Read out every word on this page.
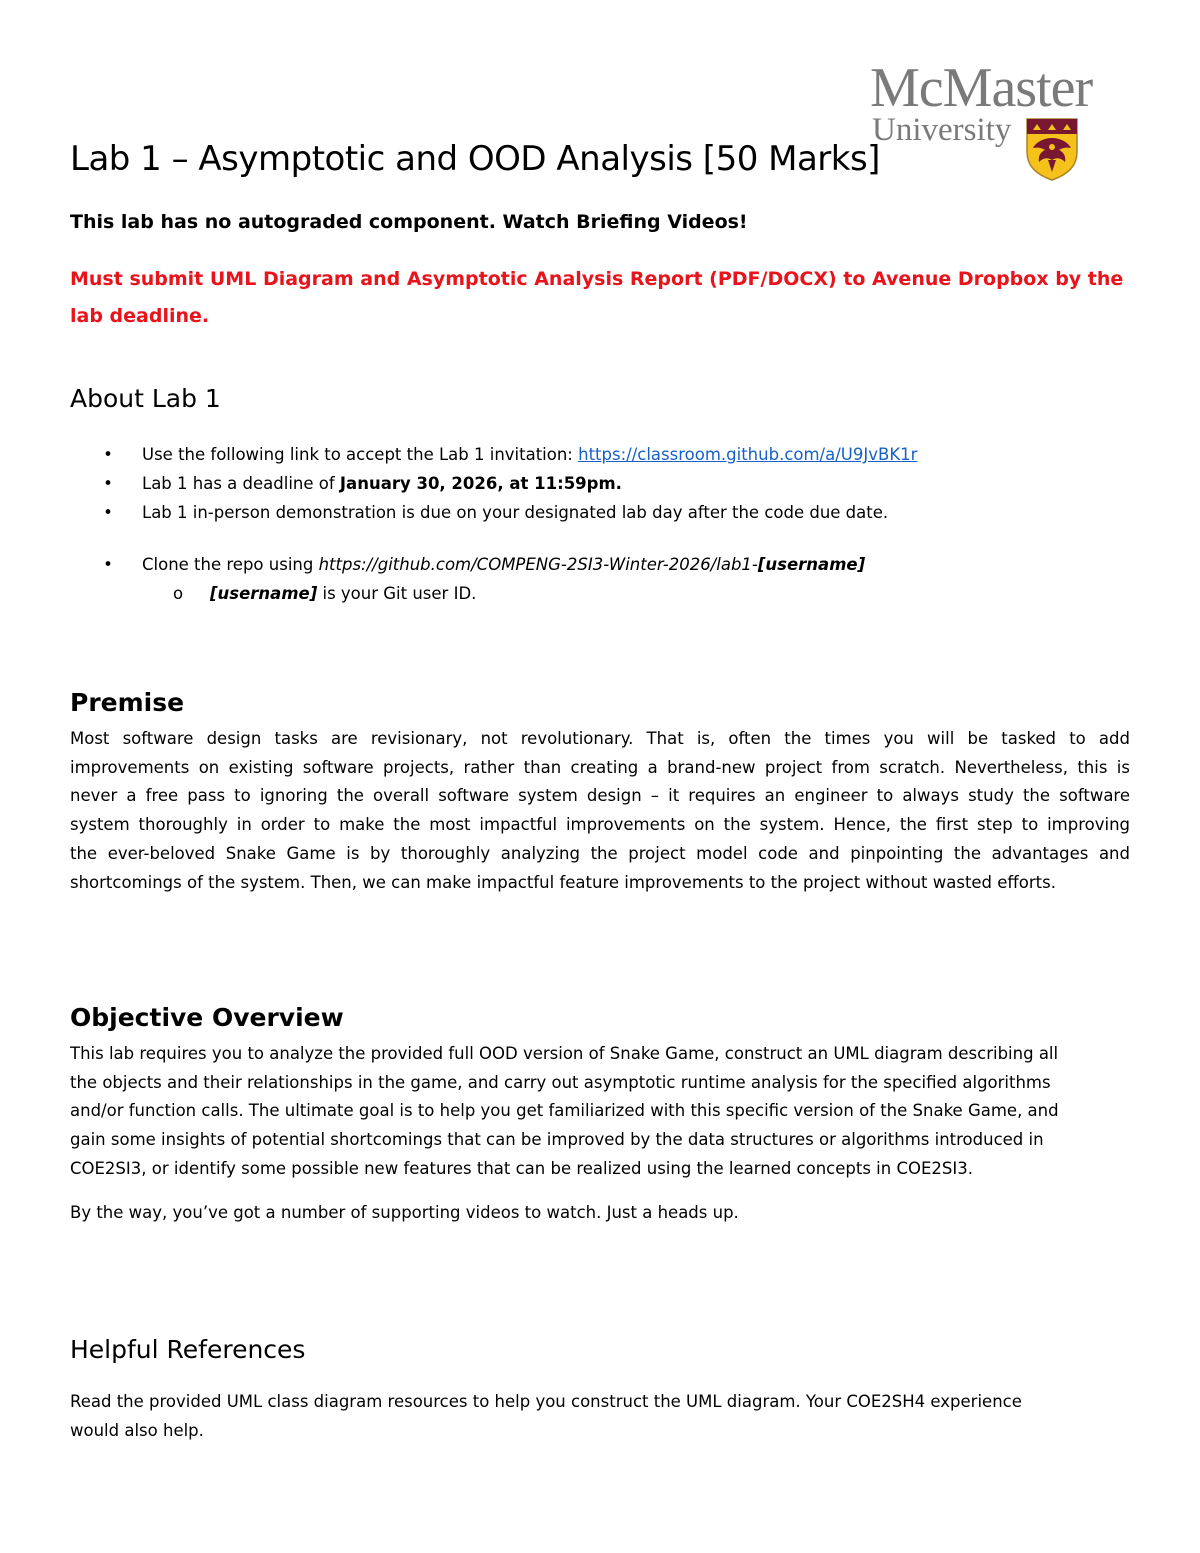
McMaster
University
Lab 1 – Asymptotic and OOD Analysis [50 Marks]

This lab has no autograded component. Watch Briefing Videos!

Must submit UML Diagram and Asymptotic Analysis Report (PDF/DOCX) to Avenue Dropbox by the lab deadline.

About Lab 1
• Use the following link to accept the Lab 1 invitation: https://classroom.github.com/a/U9JvBK1r
• Lab 1 has a deadline of January 30, 2026, at 11:59pm.
• Lab 1 in-person demonstration is due on your designated lab day after the code due date.
• Clone the repo using https://github.com/COMPENG-2SI3-Winter-2026/lab1-[username]
o [username] is your Git user ID.
Premise
Most software design tasks are revisionary, not revolutionary. That is, often the times you will be tasked to add
improvements on existing software projects, rather than creating a brand-new project from scratch. Nevertheless, this is
never a free pass to ignoring the overall software system design – it requires an engineer to always study the software
system thoroughly in order to make the most impactful improvements on the system. Hence, the first step to improving
the ever-beloved Snake Game is by thoroughly analyzing the project model code and pinpointing the advantages and
shortcomings of the system. Then, we can make impactful feature improvements to the project without wasted efforts.
Objective Overview
This lab requires you to analyze the provided full OOD version of Snake Game, construct an UML diagram describing all
the objects and their relationships in the game, and carry out asymptotic runtime analysis for the specified algorithms
and/or function calls. The ultimate goal is to help you get familiarized with this specific version of the Snake Game, and
gain some insights of potential shortcomings that can be improved by the data structures or algorithms introduced in
COE2SI3, or identify some possible new features that can be realized using the learned concepts in COE2SI3.

By the way, you’ve got a number of supporting videos to watch. Just a heads up.

Helpful References
Read the provided UML class diagram resources to help you construct the UML diagram. Your COE2SH4 experience
would also help.
